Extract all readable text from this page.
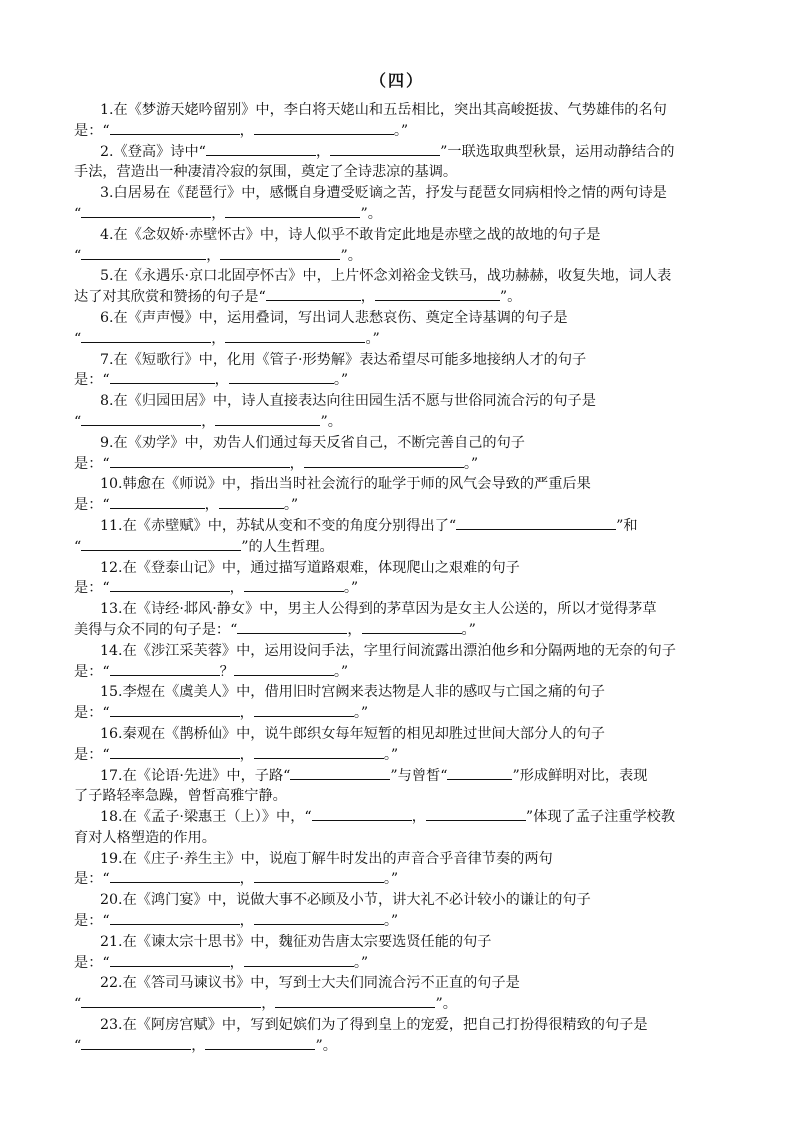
（四）
1.在《梦游天姥吟留别》中，李白将天姥山和五岳相比，突出其高峻挺拔、气势雄伟的名句
是：“	，	。”
2.《登高》诗中“	，	”一联选取典型秋景，运用动静结合的
手法，营造出一种凄清冷寂的氛围，奠定了全诗悲凉的基调。
3.白居易在《琵琶行》中，感慨自身遭受贬谪之苦，抒发与琵琶女同病相怜之情的两句诗是
“	，	”。
4.在《念奴娇·赤壁怀古》中，诗人似乎不敢肯定此地是赤壁之战的故地的句子是
“	，	”。
5.在《永遇乐·京口北固亭怀古》中，上片怀念刘裕金戈铁马，战功赫赫，收复失地，词人表
达了对其欣赏和赞扬的句子是“	，	”。
6.在《声声慢》中，运用叠词，写出词人悲愁哀伤、奠定全诗基调的句子是
“	，	。”
7.在《短歌行》中，化用《管子·形势解》表达希望尽可能多地接纳人才的句子
是：“	，	。”
8.在《归园田居》中，诗人直接表达向往田园生活不愿与世俗同流合污的句子是
“	，	”。
9.在《劝学》中，劝告人们通过每天反省自己，不断完善自己的句子
是：“	，	。”
10.韩愈在《师说》中，指出当时社会流行的耻学于师的风气会导致的严重后果
是：“	，	。”
11.在《赤壁赋》中，苏轼从变和不变的角度分别得出了“	”和
“	”的人生哲理。
12.在《登泰山记》中，通过描写道路艰难，体现爬山之艰难的句子
是：“	，	。”
13.在《诗经·邶风·静女》中，男主人公得到的茅草因为是女主人公送的，所以才觉得茅草
美得与众不同的句子是：“	，	。”
14.在《涉江采芙蓉》中，运用设问手法，字里行间流露出漂泊他乡和分隔两地的无奈的句子
是：“	？	。”
15.李煜在《虞美人》中，借用旧时宫阙来表达物是人非的感叹与亡国之痛的句子
是：“	，	。”
16.秦观在《鹊桥仙》中，说牛郎织女每年短暂的相见却胜过世间大部分人的句子
是：“	，	。”
17.在《论语·先进》中，子路“	”与曾皙“	”形成鲜明对比，表现
了子路轻率急躁，曾皙高雅宁静。
18.在《孟子·梁惠王（上）》中，“	，	”体现了孟子注重学校教
育对人格塑造的作用。
19.在《庄子·养生主》中，说庖丁解牛时发出的声音合乎音律节奏的两句
是：“	，	。”
20.在《鸿门宴》中，说做大事不必顾及小节，讲大礼不必计较小的谦让的句子
是：“	，	。”
21.在《谏太宗十思书》中，魏征劝告唐太宗要选贤任能的句子
是：“	，	。”
22.在《答司马谏议书》中，写到士大夫们同流合污不正直的句子是
“	，	”。
23.在《阿房宫赋》中，写到妃嫔们为了得到皇上的宠爱，把自己打扮得很精致的句子是
“	，	”。
